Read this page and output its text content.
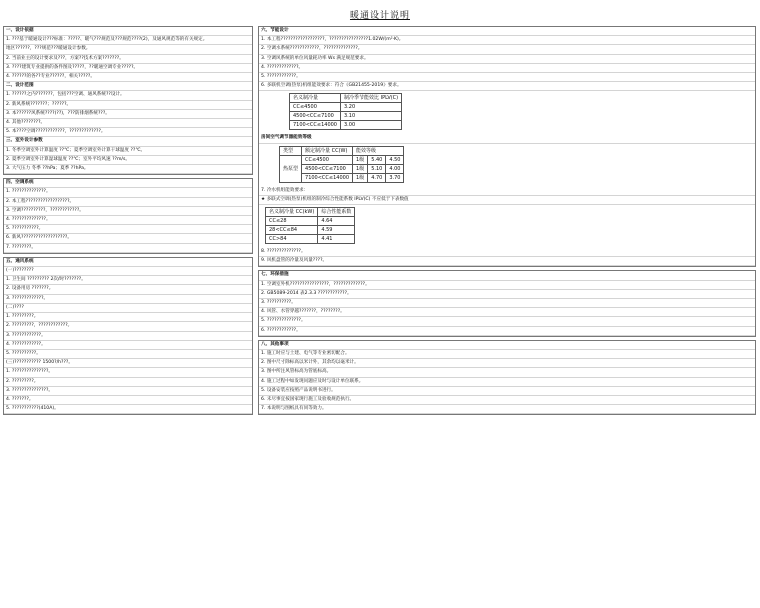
暖通设计说明
一、设计依据
1. ???基于暖通设计???标准：?????、暖气???规范及???规范????(2)，及通风规范等的有关规定。
地区??????，???规范???暖通设计参数。
2. 当前业主的设计要求及???，方案??技术方案???????。
3. ????建筑专业提供的条件图及?????，??暖通空调专业?????。
4. ??????的各??专业??????，相关?????。
二、设计范围
1. ??????之内???????，包括???空调、通风系统??设计。
2. 新风系统???????；??????。
3. 本??????风系统????(??)，???防排烟系统???。
4. 其他????????。
5. 本????空调????????????，?????????????。
三、室外设计参数
1. 冬季空调室外计算温度 ??℃；夏季空调室外计算干球温度 ??℃。
2. 夏季空调室外计算湿球温度 ??℃；室外平均风速 ??m/s。
3. 大气压力 冬季 ??hPa；夏季 ??hPa。
四、空调系统
1. ??????????????。
2. 本工程??????????????????。
3. 空调??????????，????????????。
4. ??????????????。
5. ???????????。
6. 新风???????????????????。
7. ????????。
五、通风系统
(一)????????
1. 卫生间 ????????? 2次/时???????。
2. 设备用房 ???????。
3. ?????????????。
(二)????
1. ?????????。
2. ?????????，????????????。
3. ????????????。
4. ????????????。
5. ??????????。
(三)??????????? 1500?/h???。
1. ???????????????。
2. ?????????。
3. ???????????????。
4. ???????。
5. ???????????(410A)。
六、节能设计
1. 本工程??????????????????，????????????????1.02W/(m²·K)。
2. 空调水系统????????????，??????????????。
3. 空调风系统的单位风量耗功率 Ws 满足规范要求。
4. ?????????????。
5. ????????????。
6. 多联机空调(热泵)机组能效要求：符合《GB21455-2019》要求。
名义制冷量	制冷季节能效比 IPLV(C)
CC≤4500	3.20
4500<CC≤7100	3.10
7100<CC≤14000	3.00
房间空气调节器能效等级
类型	额定制冷量 CC(W)	能效等级		
热泵型	CC≤4500	1级	5.40	4.50
	4500<CC≤7100	1级	5.10	4.00
	7100<CC≤14000	1级	4.70	3.70
7. 冷水机组能效要求：
★ 多联式空调(热泵)机组的制冷综合性能系数 IPLV(C) 不应低于下表数值
名义制冷量 CC(kW)	综合性能系数
CC≤28	4.64
28<CC≤84	4.59
CC>84	4.41
8. ??????????????。
9. 风机盘管的冷量及风量????。
七、环保措施
1. 空调室外机????????????????，?????????????。
2. GB5089-2014 表2.3.3 ????????????。
3. ??????????。
4. 风管、水管穿越???????，????????。
5. ??????????????。
6. ????????????。
八、其他事项
1. 施工时应与土建、电气等专业密切配合。
2. 图中尺寸除标高以米计外，其余均以毫米计。
3. 图中所注风管标高为管底标高。
4. 施工过程中如发现问题应及时与设计单位联系。
5. 设备安装应按照产品说明书进行。
6. 未尽事宜按国家现行施工及验收规范执行。
7. 本说明与图纸具有同等效力。
